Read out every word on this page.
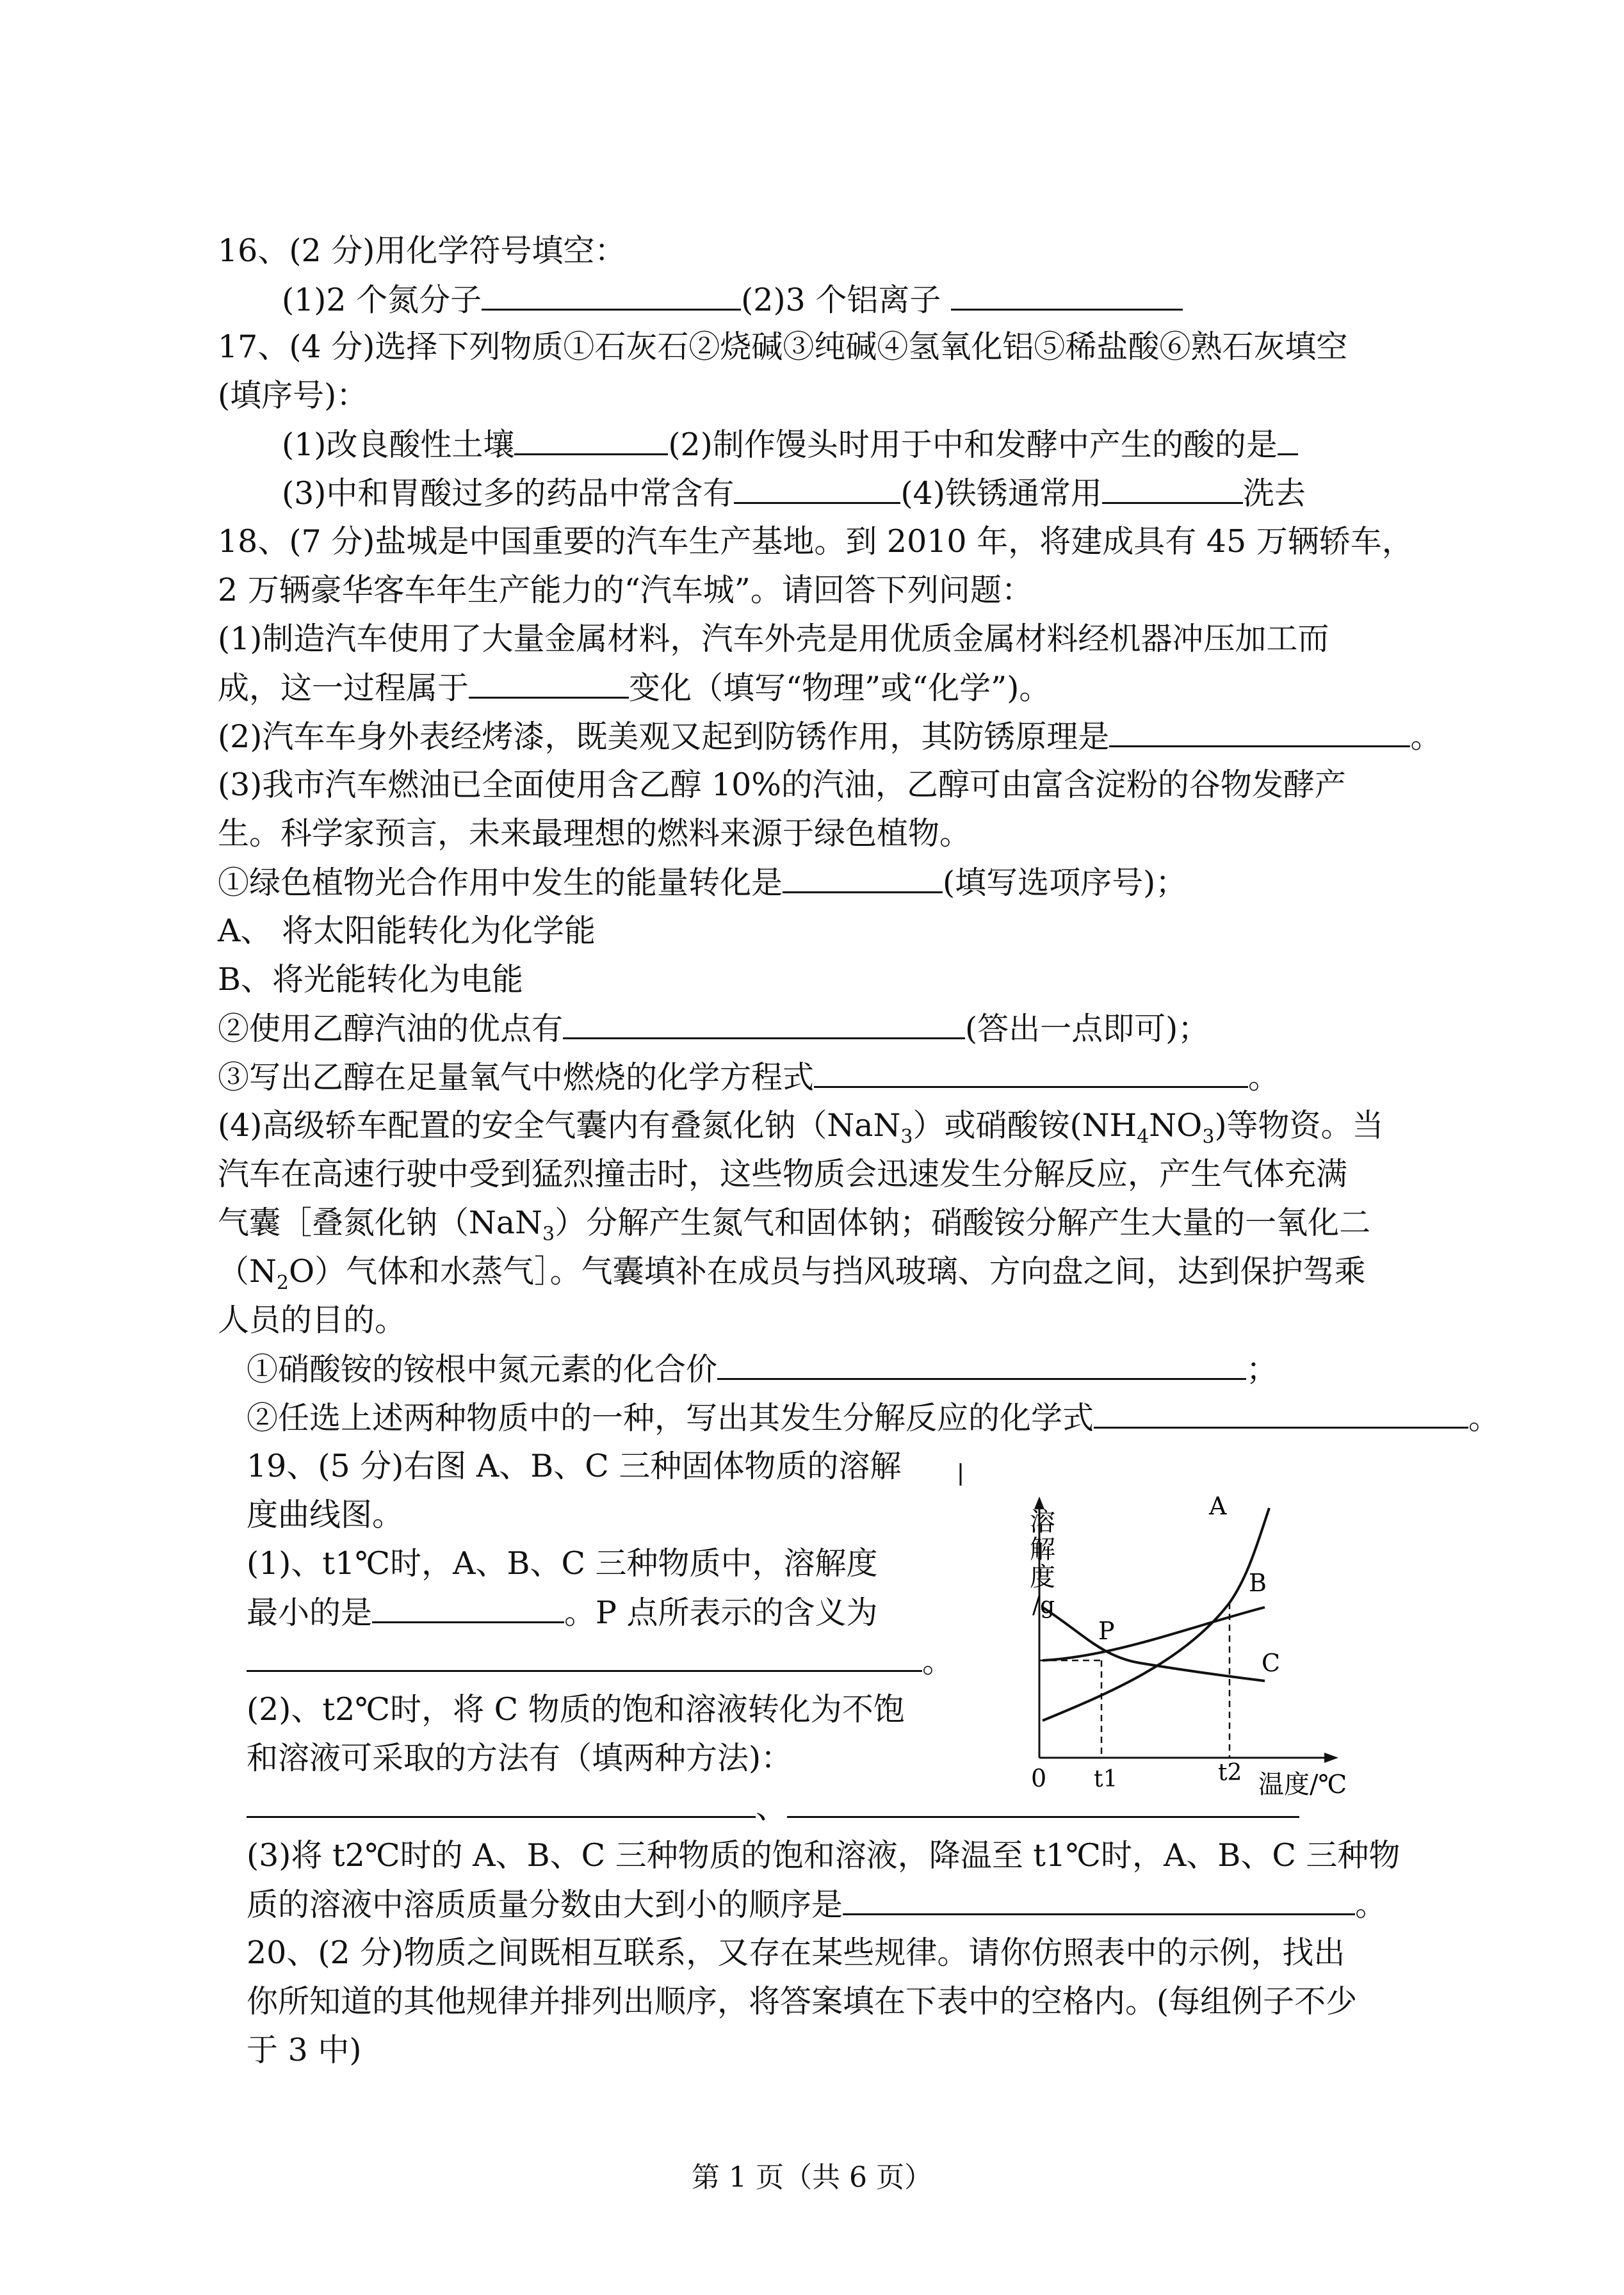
16、(2 分)用化学符号填空：
(1)2 个氮分子	(2)3 个铝离子
17、(4 分)选择下列物质①石灰石②烧碱③纯碱④氢氧化铝⑤稀盐酸⑥熟石灰填空
(填序号)：
(1)改良酸性土壤	(2)制作馒头时用于中和发酵中产生的酸的是
(3)中和胃酸过多的药品中常含有	(4)铁锈通常用	洗去
18、(7 分)盐城是中国重要的汽车生产基地。到 2010 年，将建成具有 45 万辆轿车，
2 万辆豪华客车年生产能力的“汽车城”。请回答下列问题：
(1)制造汽车使用了大量金属材料，汽车外壳是用优质金属材料经机器冲压加工而
成，这一过程属于	变化（填写“物理”或“化学”)。
(2)汽车车身外表经烤漆，既美观又起到防锈作用，其防锈原理是	。
(3)我市汽车燃油已全面使用含乙醇 10%的汽油，乙醇可由富含淀粉的谷物发酵产
生。科学家预言，未来最理想的燃料来源于绿色植物。
①绿色植物光合作用中发生的能量转化是	(填写选项序号)；
A、 将太阳能转化为化学能
B、将光能转化为电能
②使用乙醇汽油的优点有	(答出一点即可)；
③写出乙醇在足量氧气中燃烧的化学方程式	。
(4)高级轿车配置的安全气囊内有叠氮化钠（NaN$_3$）或硝酸铵$(NH_4NO_3)$等物资。当
汽车在高速行驶中受到猛烈撞击时，这些物质会迅速发生分解反应，产生气体充满
气囊［叠氮化钠（NaN$_3$）分解产生氮气和固体钠；硝酸铵分解产生大量的一氧化二
$(N_2O)$气体和水蒸气］。气囊填补在成员与挡风玻璃、方向盘之间，达到保护驾乘
人员的目的。
①硝酸铵的铵根中氮元素的化合价	；
②任选上述两种物质中的一种，写出其发生分解反应的化学式	。
19、(5 分)右图 A、B、C 三种固体物质的溶解
度曲线图。
(1)、t1℃时，A、B、C 三种物质中，溶解度
最小的是	。P 点所表示的含义为
。
(2)、t2℃时，将 C 物质的饱和溶液转化为不饱
和溶液可采取的方法有（填两种方法)：
、
(3)将 t2℃时的 A、B、C 三种物质的饱和溶液，降温至 t1℃时，A、B、C 三种物
质的溶液中溶质质量分数由大到小的顺序是	。
20、(2 分)物质之间既相互联系，又存在某些规律。请你仿照表中的示例，找出
你所知道的其他规律并排列出顺序，将答案填在下表中的空格内。(每组例子不少
于 3 中)
溶
解
度
/g
0 t1	t2 温度/℃
A
B
C
P
第 1 页（共 6 页）
